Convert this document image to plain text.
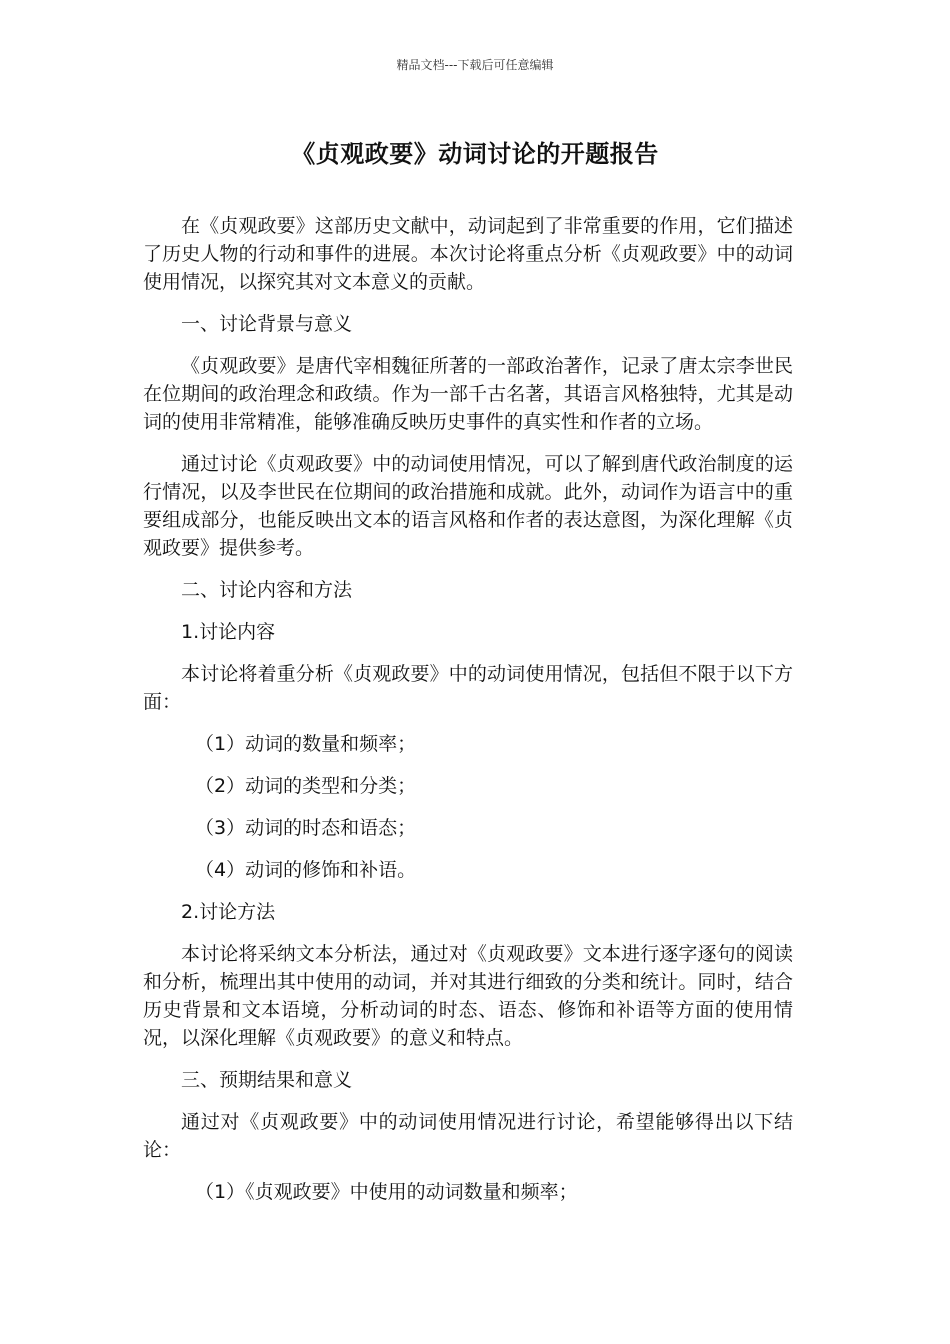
精品文档---下载后可任意编辑
《贞观政要》动词讨论的开题报告

在《贞观政要》这部历史文献中，动词起到了非常重要的作用，它们描述了历史人物的行动和事件的进展。本次讨论将重点分析《贞观政要》中的动词使用情况，以探究其对文本意义的贡献。

一、讨论背景与意义

《贞观政要》是唐代宰相魏征所著的一部政治著作，记录了唐太宗李世民在位期间的政治理念和政绩。作为一部千古名著，其语言风格独特，尤其是动词的使用非常精准，能够准确反映历史事件的真实性和作者的立场。

通过讨论《贞观政要》中的动词使用情况，可以了解到唐代政治制度的运行情况，以及李世民在位期间的政治措施和成就。此外，动词作为语言中的重要组成部分，也能反映出文本的语言风格和作者的表达意图，为深化理解《贞观政要》提供参考。

二、讨论内容和方法

1.讨论内容

本讨论将着重分析《贞观政要》中的动词使用情况，包括但不限于以下方面：

（1）动词的数量和频率；

（2）动词的类型和分类；

（3）动词的时态和语态；

（4）动词的修饰和补语。

2.讨论方法

本讨论将采纳文本分析法，通过对《贞观政要》文本进行逐字逐句的阅读和分析，梳理出其中使用的动词，并对其进行细致的分类和统计。同时，结合历史背景和文本语境，分析动词的时态、语态、修饰和补语等方面的使用情况，以深化理解《贞观政要》的意义和特点。

三、预期结果和意义

通过对《贞观政要》中的动词使用情况进行讨论，希望能够得出以下结论：

（1）《贞观政要》中使用的动词数量和频率；
